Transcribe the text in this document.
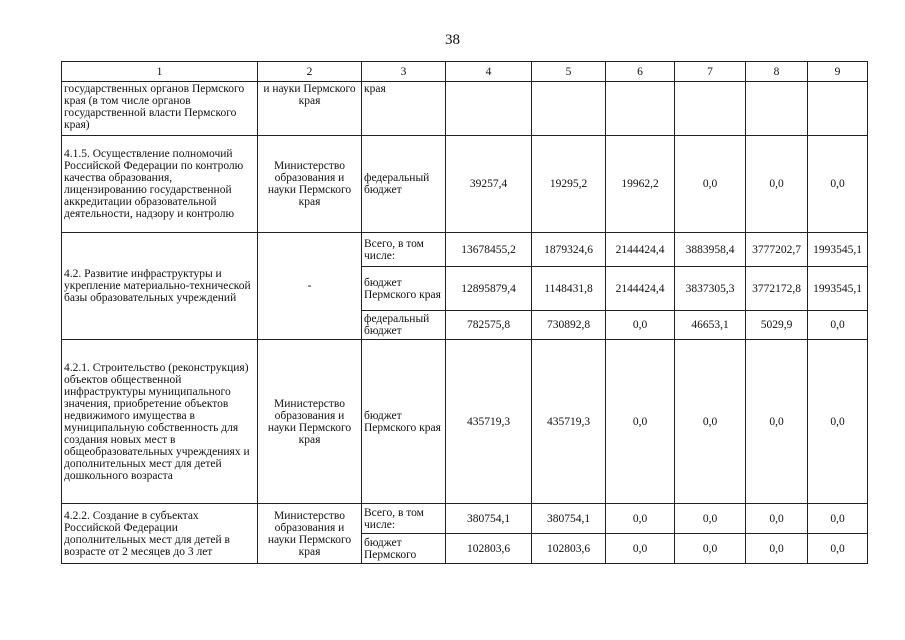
38
1	2	3	4	5	6	7	8	9
государственных органов Пермского края (в том числе органов государственной власти Пермского края)	и науки Пермского края	края						
4.1.5. Осуществление полномочий Российской Федерации по контролю качества образования, лицензированию государственной аккредитации образовательной деятельности, надзору и контролю	Министерство образования и науки Пермского края	федеральный бюджет	39257,4	19295,2	19962,2	0,0	0,0	0,0
4.2. Развитие инфраструктуры и укрепление материально-технической базы образовательных учреждений	-	Всего, в том числе:	13678455,2	1879324,6	2144424,4	3883958,4	3777202,7	1993545,1
		бюджет Пермского края	12895879,4	1148431,8	2144424,4	3837305,3	3772172,8	1993545,1
		федеральный бюджет	782575,8	730892,8	0,0	46653,1	5029,9	0,0
4.2.1. Строительство (реконструкция) объектов общественной инфраструктуры муниципального значения, приобретение объектов недвижимого имущества в муниципальную собственность для создания новых мест в общеобразовательных учреждениях и дополнительных мест для детей дошкольного возраста	Министерство образования и науки Пермского края	бюджет Пермского края	435719,3	435719,3	0,0	0,0	0,0	0,0
4.2.2. Создание в субъектах Российской Федерации дополнительных мест для детей в возрасте от 2 месяцев до 3 лет	Министерство образования и науки Пермского края	Всего, в том числе:	380754,1	380754,1	0,0	0,0	0,0	0,0
		бюджет Пермского	102803,6	102803,6	0,0	0,0	0,0	0,0
